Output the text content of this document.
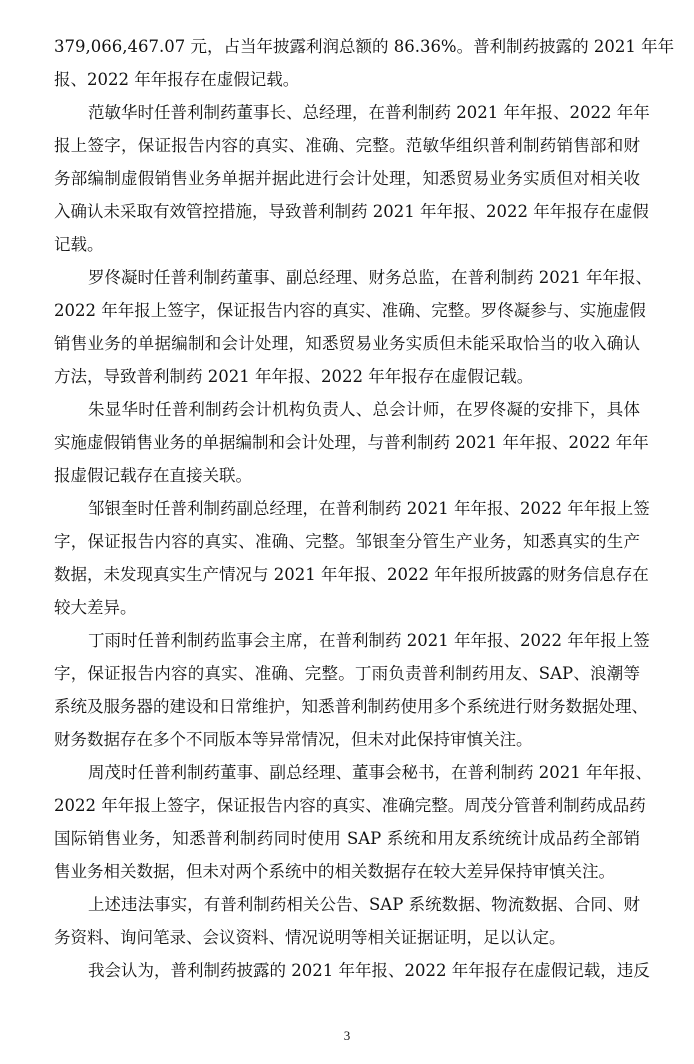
379,066,467.07 元，占当年披露利润总额的 86.36%。普利制药披露的 2021 年年
报、2022 年年报存在虚假记载。
范敏华时任普利制药董事长、总经理，在普利制药 2021 年年报、2022 年年
报上签字，保证报告内容的真实、准确、完整。范敏华组织普利制药销售部和财
务部编制虚假销售业务单据并据此进行会计处理，知悉贸易业务实质但对相关收
入确认未采取有效管控措施，导致普利制药 2021 年年报、2022 年年报存在虚假
记载。
罗佟凝时任普利制药董事、副总经理、财务总监，在普利制药 2021 年年报、
2022 年年报上签字，保证报告内容的真实、准确、完整。罗佟凝参与、实施虚假
销售业务的单据编制和会计处理，知悉贸易业务实质但未能采取恰当的收入确认
方法，导致普利制药 2021 年年报、2022 年年报存在虚假记载。
朱显华时任普利制药会计机构负责人、总会计师，在罗佟凝的安排下，具体
实施虚假销售业务的单据编制和会计处理，与普利制药 2021 年年报、2022 年年
报虚假记载存在直接关联。
邹银奎时任普利制药副总经理，在普利制药 2021 年年报、2022 年年报上签
字，保证报告内容的真实、准确、完整。邹银奎分管生产业务，知悉真实的生产
数据，未发现真实生产情况与 2021 年年报、2022 年年报所披露的财务信息存在
较大差异。
丁雨时任普利制药监事会主席，在普利制药 2021 年年报、2022 年年报上签
字，保证报告内容的真实、准确、完整。丁雨负责普利制药用友、SAP、浪潮等
系统及服务器的建设和日常维护，知悉普利制药使用多个系统进行财务数据处理、
财务数据存在多个不同版本等异常情况，但未对此保持审慎关注。
周茂时任普利制药董事、副总经理、董事会秘书，在普利制药 2021 年年报、
2022 年年报上签字，保证报告内容的真实、准确完整。周茂分管普利制药成品药
国际销售业务，知悉普利制药同时使用 SAP 系统和用友系统统计成品药全部销
售业务相关数据，但未对两个系统中的相关数据存在较大差异保持审慎关注。
上述违法事实，有普利制药相关公告、SAP 系统数据、物流数据、合同、财
务资料、询问笔录、会议资料、情况说明等相关证据证明，足以认定。
我会认为，普利制药披露的 2021 年年报、2022 年年报存在虚假记载，违反
3
